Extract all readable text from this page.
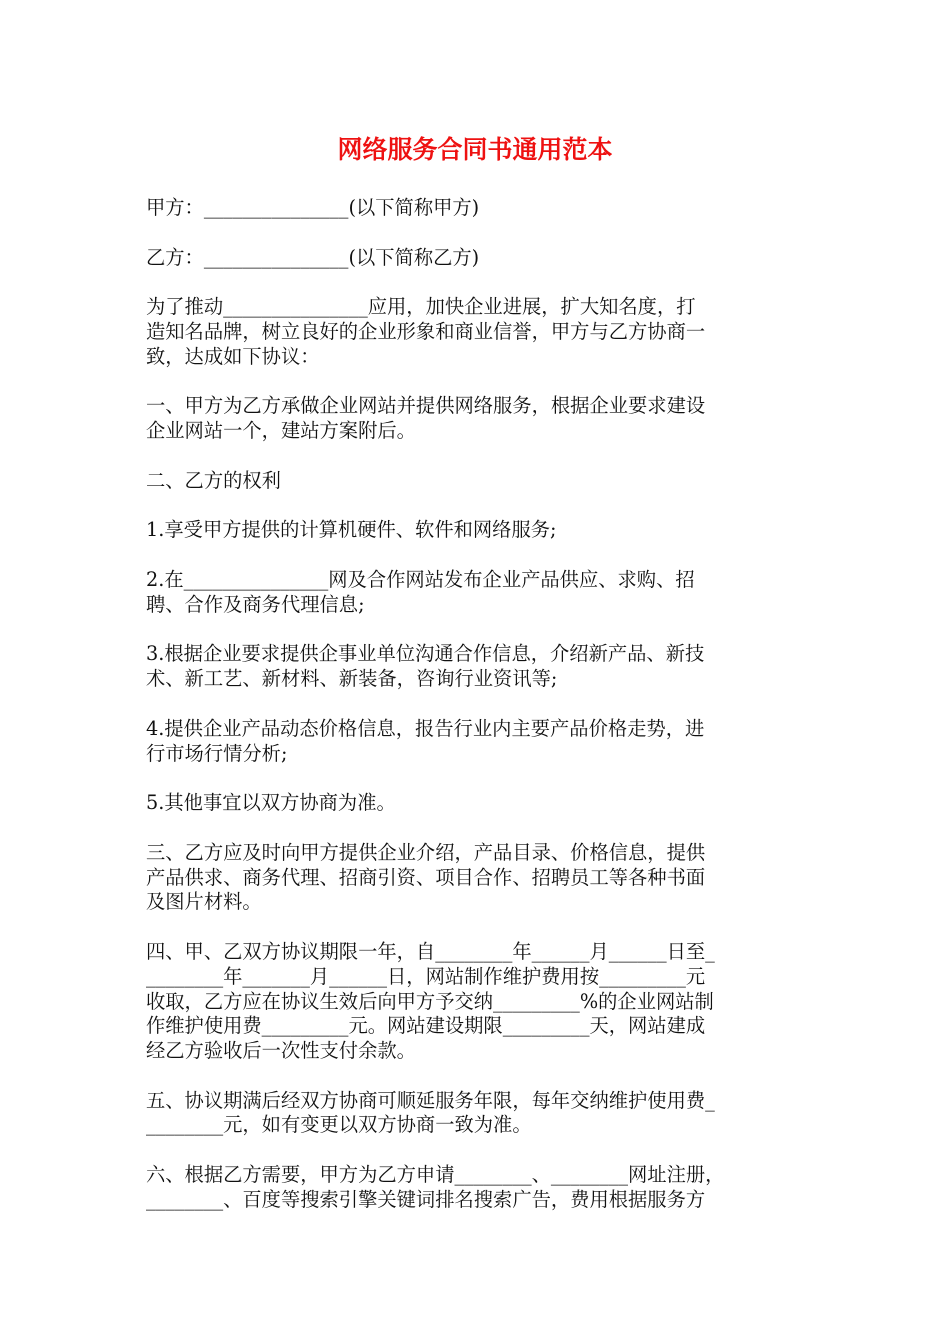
网络服务合同书通用范本

甲方：_______________(以下简称甲方)

乙方：_______________(以下简称乙方)

为了推动_______________应用，加快企业进展，扩大知名度，打
造知名品牌，树立良好的企业形象和商业信誉，甲方与乙方协商一
致，达成如下协议：

一、甲方为乙方承做企业网站并提供网络服务，根据企业要求建设
企业网站一个，建站方案附后。

二、乙方的权利

1.享受甲方提供的计算机硬件、软件和网络服务;

2.在_______________网及合作网站发布企业产品供应、求购、招
聘、合作及商务代理信息;

3.根据企业要求提供企事业单位沟通合作信息，介绍新产品、新技
术、新工艺、新材料、新装备，咨询行业资讯等;

4.提供企业产品动态价格信息，报告行业内主要产品价格走势，进
行市场行情分析;

5.其他事宜以双方协商为准。

三、乙方应及时向甲方提供企业介绍，产品目录、价格信息，提供
产品供求、商务代理、招商引资、项目合作、招聘员工等各种书面
及图片材料。

四、甲、乙双方协议期限一年，自________年______月______日至_
________年_______月______日，网站制作维护费用按_________元
收取，乙方应在协议生效后向甲方予交纳_________%的企业网站制
作维护使用费_________元。网站建设期限_________天，网站建成
经乙方验收后一次性支付余款。

五、协议期满后经双方协商可顺延服务年限，每年交纳维护使用费_
________元，如有变更以双方协商一致为准。

六、根据乙方需要，甲方为乙方申请________、________网址注册，
________、百度等搜索引擎关键词排名搜索广告，费用根据服务方
